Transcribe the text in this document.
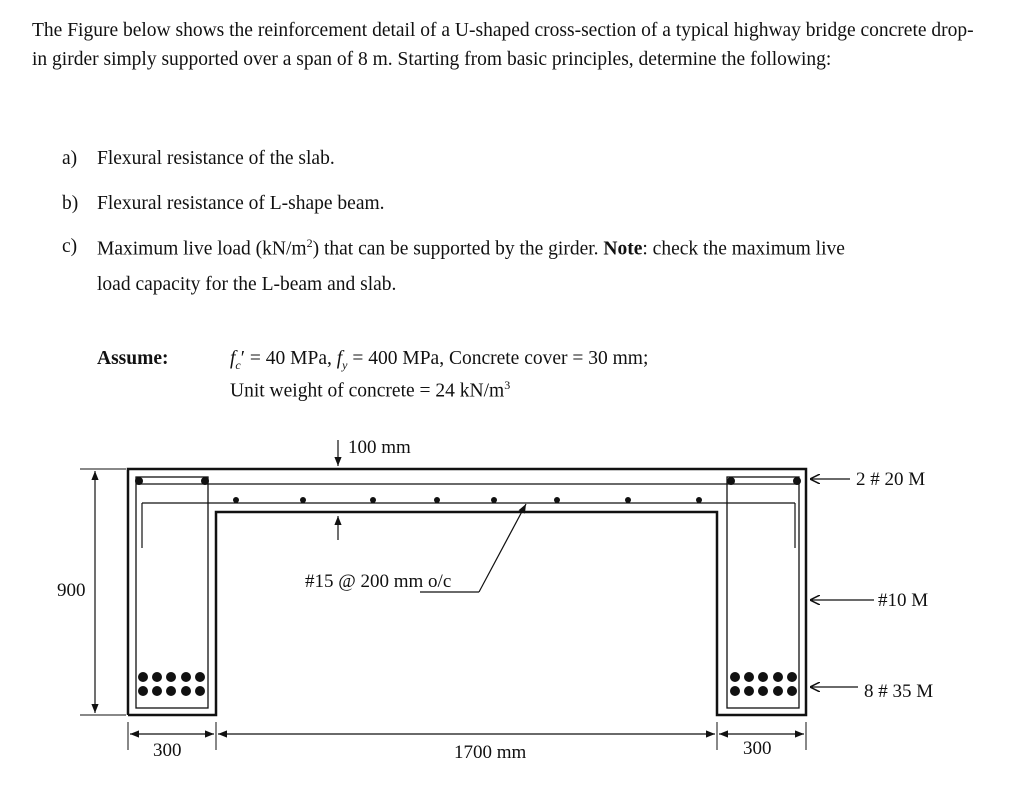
The Figure below shows the reinforcement detail of a U-shaped cross-section of a typical highway bridge concrete drop-in girder simply supported over a span of 8 m. Starting from basic principles, determine the following:
a) Flexural resistance of the slab.
b) Flexural resistance of L-shape beam.
c) Maximum live load $(kN/m^2)$ that can be supported by the girder. Note: check the maximum live
load capacity for the L-beam and slab.
Assume:	$f_c' = 40$ MPa, $f_y = 400$ MPa, Concrete cover = 30 mm;
Unit weight of concrete = 24 $kN/m^3$
100 mm
#15 @ 200 mm o/c
2 # 20 M
#10 M
8 # 35 M
900
300	1700 mm	300
